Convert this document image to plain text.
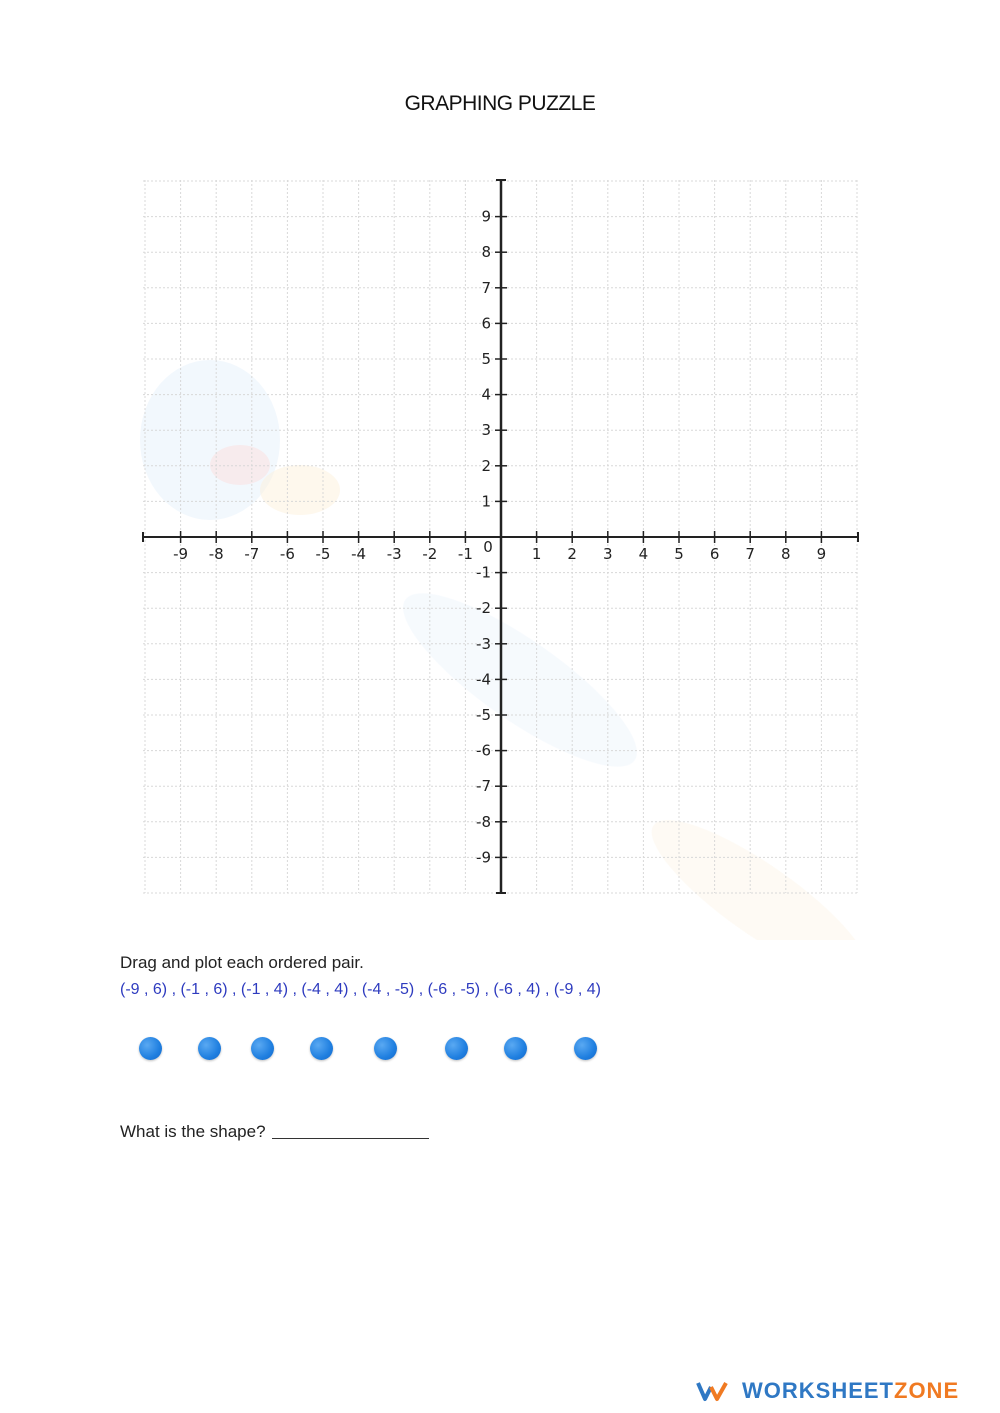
GRAPHING PUZZLE
0
-9 -8 -7 -6 -5 -4 -3 -2 -1	1 2 3 4 5 6 7 8 9
9
8
7
6
5
4
3
2
1
-1
-2
-3
-4
-5
-6
-7
-8
-9
Drag and plot each ordered pair.
(-9 , 6) , (-1 , 6) , (-1 , 4) , (-4 , 4) , (-4 , -5) , (-6 , -5) , (-6 , 4) , (-9 , 4)
What is the shape?
WORKSHEETZONE
